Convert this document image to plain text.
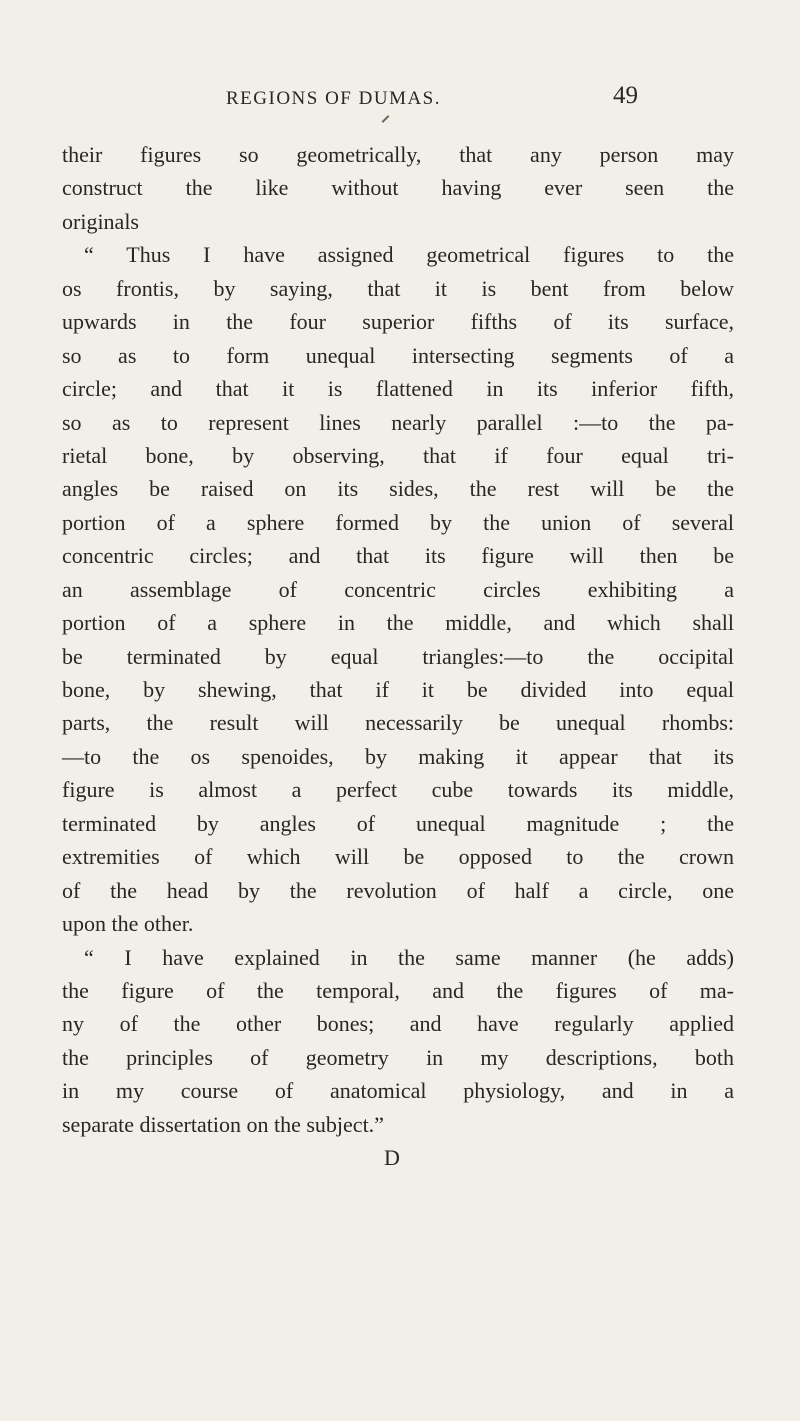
REGIONS OF DUMAS.	49
their figures so geometrically, that any person may
construct the like without having ever seen the
originals
“ Thus I have assigned geometrical figures to the
os frontis, by saying, that it is bent from below
upwards in the four superior fifths of its surface,
so as to form unequal intersecting segments of a
circle; and that it is flattened in its inferior fifth,
so as to represent lines nearly parallel :—to the pa-
rietal bone, by observing, that if four equal tri-
angles be raised on its sides, the rest will be the
portion of a sphere formed by the union of several
concentric circles; and that its figure will then be
an assemblage of concentric circles exhibiting a
portion of a sphere in the middle, and which shall
be terminated by equal triangles:—to the occipital
bone, by shewing, that if it be divided into equal
parts, the result will necessarily be unequal rhombs:
—to the os spenoides, by making it appear that its
figure is almost a perfect cube towards its middle,
terminated by angles of unequal magnitude ; the
extremities of which will be opposed to the crown
of the head by the revolution of half a circle, one
upon the other.
“ I have explained in the same manner (he adds)
the figure of the temporal, and the figures of ma-
ny of the other bones; and have regularly applied
the principles of geometry in my descriptions, both
in my course of anatomical physiology, and in a
separate dissertation on the subject.”
D
